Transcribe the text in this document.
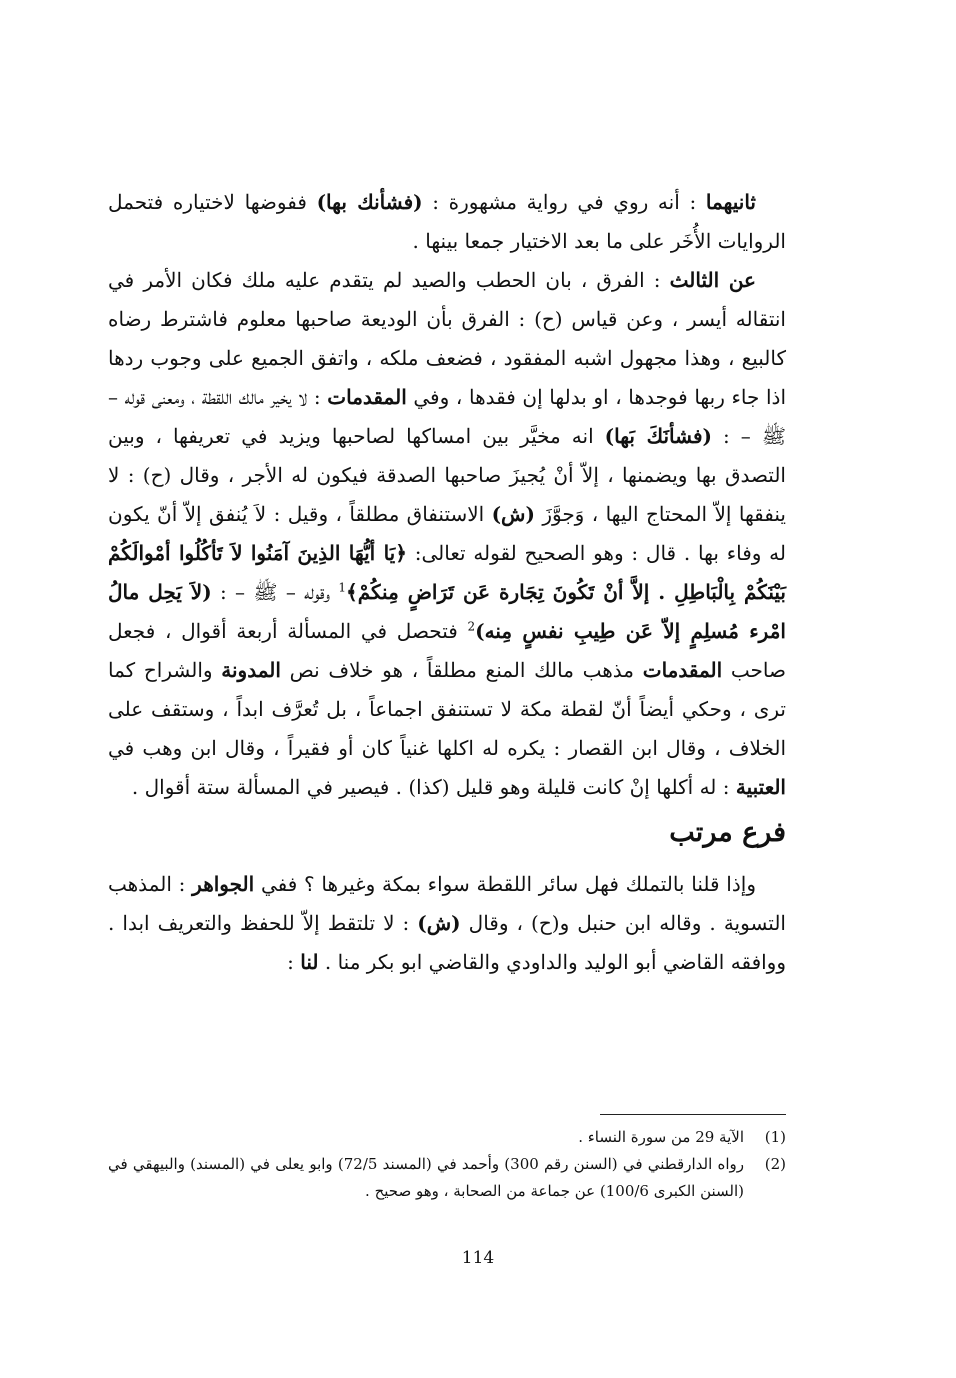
ثانيهما : أنه روي في رواية مشهورة : (فشأنك بها) ففوضها لاختياره فتحمل الروايات الأُخَر على ما بعد الاختيار جمعا بينها .

عن الثالث : الفرق ، بان الحطب والصيد لم يتقدم عليه ملك فكان الأمر في انتقاله أيسر ، وعن قياس (ح) : الفرق بأن الوديعة صاحبها معلوم فاشترط رضاه كالبيع ، وهذا مجهول اشبه المفقود ، فضعف ملكه ، واتفق الجميع على وجوب ردها اذا جاء ربها فوجدها ، او بدلها إن فقدها ، وفي المقدمات : لا يخير مالك اللقطة ، ومعنى قوله – ﷺ – : (فشأنَكَ بَها) انه مخيَّر بين امساكها لصاحبها ويزيد في تعريفها ، وبين التصدق بها ويضمنها ، إلاّ أنْ يُجيزَ صاحبها الصدقة فيكون له الأجر ، وقال (ح) : لا ينفقها إلاّ المحتاج اليها ، وَجوَّزَ (ش) الاستنفاق مطلقاً ، وقيل : لاَ يُنفق إلاّ أنّ يكون له وفاء بها . قال : وهو الصحيح لقوله تعالى: ﴿يَا أيُّهَا الذِينَ آمَنُوا لاَ تَأكُلُوا أمْوالَكُمْ بَيْنَكُمْ بِالْبَاطِلِ . إلاَّ أنْ تَكُونَ تِجَارة عَن تَرَاضٍ مِنكُمْ﴾$^1$ وقوله – ﷺ – : (لاَ يَحِل مالُ امْرء مُسلِمٍ إلاّ عَن طِيبِ نفسٍ مِنه)$^2$ فتحصل في المسألة أربعة أقوال ، فجعل صاحب المقدمات مذهب مالك المنع مطلقاً ، هو خلاف نص المدونة والشراح كما ترى ، وحكي أيضاً أنّ لقطة مكة لا تستنفق اجماعاً ، بل تُعرَّف ابداً ، وستقف على الخلاف ، وقال ابن القصار : يكره له اكلها غنياً كان أو فقيراً ، وقال ابن وهب في العتبية : له أكلها إنْ كانت قليلة وهو قليل (كذا) . فيصير في المسألة ستة أقوال .

فرع مرتب

وإذا قلنا بالتملك فهل سائر اللقطة سواء بمكة وغيرها ؟ ففي الجواهر : المذهب التسوية . وقاله ابن حنبل و(ح) ، وقال (ش) : لا تلتقط إلاّ للحفظ والتعريف ابدا . ووافقه القاضي أبو الوليد والداودي والقاضي ابو بكر منا . لنا :

(1)
الآية 29 من سورة النساء .
(2)
رواه الدارقطني في (السنن رقم 300) وأحمد في (المسند 72/5) وابو يعلى في (المسند) والبيهقي في (السنن الكبرى 100/6) عن جماعة من الصحابة ، وهو صحيح .
114
